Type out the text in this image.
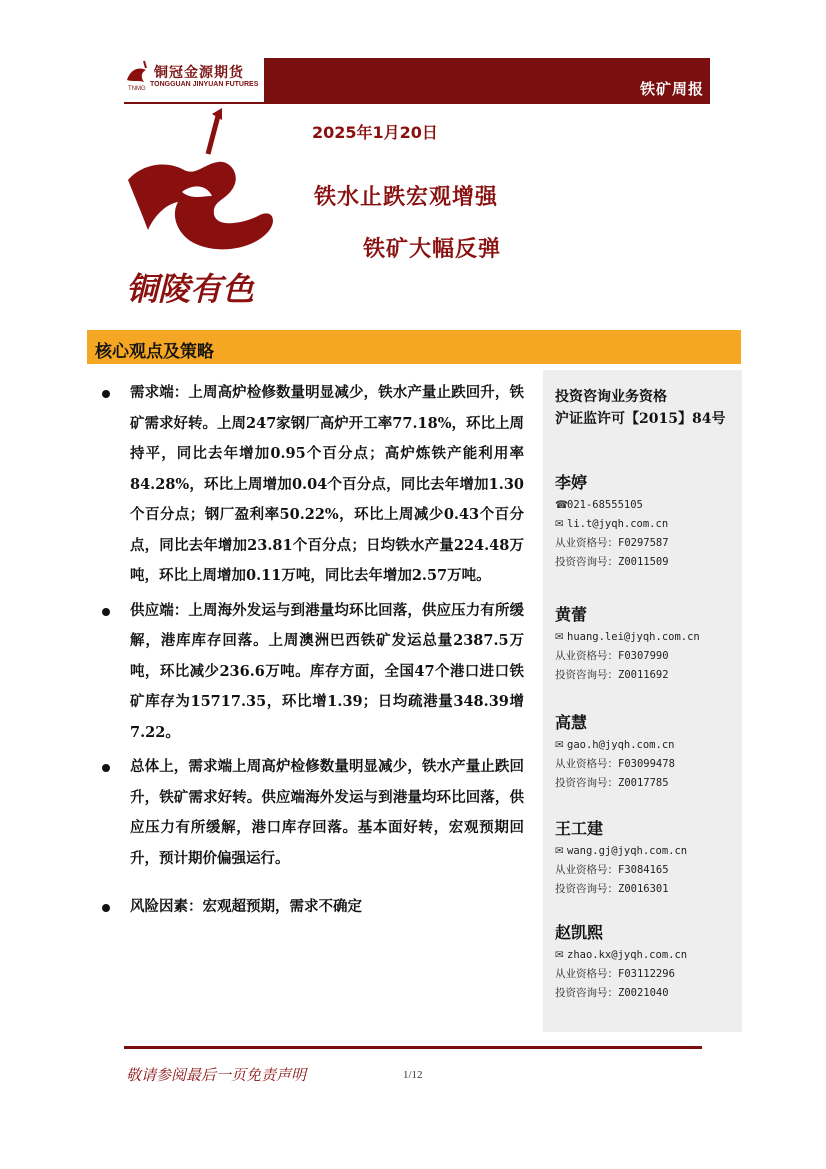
铜冠金源期货
TONGGUAN JINYUAN FUTURES
TNMG	铁矿周报
铜陵有色
2025年1月20日
铁水止跌宏观增强
铁矿大幅反弹
核心观点及策略
需求端：上周高炉检修数量明显减少，铁水产量止跌回升，铁矿需求好转。上周247家钢厂高炉开工率77.18%，环比上周持平，同比去年增加0.95个百分点；高炉炼铁产能利用率84.28%，环比上周增加0.04个百分点，同比去年增加1.30个百分点；钢厂盈利率50.22%，环比上周减少0.43个百分点，同比去年增加23.81个百分点；日均铁水产量224.48万吨，环比上周增加0.11万吨，同比去年增加2.57万吨。
供应端：上周海外发运与到港量均环比回落，供应压力有所缓解，港库库存回落。上周澳洲巴西铁矿发运总量2387.5万吨，环比减少236.6万吨。库存方面，全国47个港口进口铁矿库存为15717.35，环比增1.39；日均疏港量348.39增7.22。
总体上，需求端上周高炉检修数量明显减少，铁水产量止跌回升，铁矿需求好转。供应端海外发运与到港量均环比回落，供应压力有所缓解，港口库存回落。基本面好转，宏观预期回升，预计期价偏强运行。
风险因素：宏观超预期，需求不确定
投资咨询业务资格
沪证监许可【2015】84号
李婷
☎021-68555105
✉ li.t@jyqh.com.cn
从业资格号：F0297587
投资咨询号：Z0011509
黄蕾
✉ huang.lei@jyqh.com.cn
从业资格号：F0307990
投资咨询号：Z0011692
高慧
✉ gao.h@jyqh.com.cn
从业资格号：F03099478
投资咨询号：Z0017785
王工建
✉ wang.gj@jyqh.com.cn
从业资格号：F3084165
投资咨询号：Z0016301
赵凯熙
✉ zhao.kx@jyqh.com.cn
从业资格号：F03112296
投资咨询号：Z0021040
敬请参阅最后一页免责声明	1/12
